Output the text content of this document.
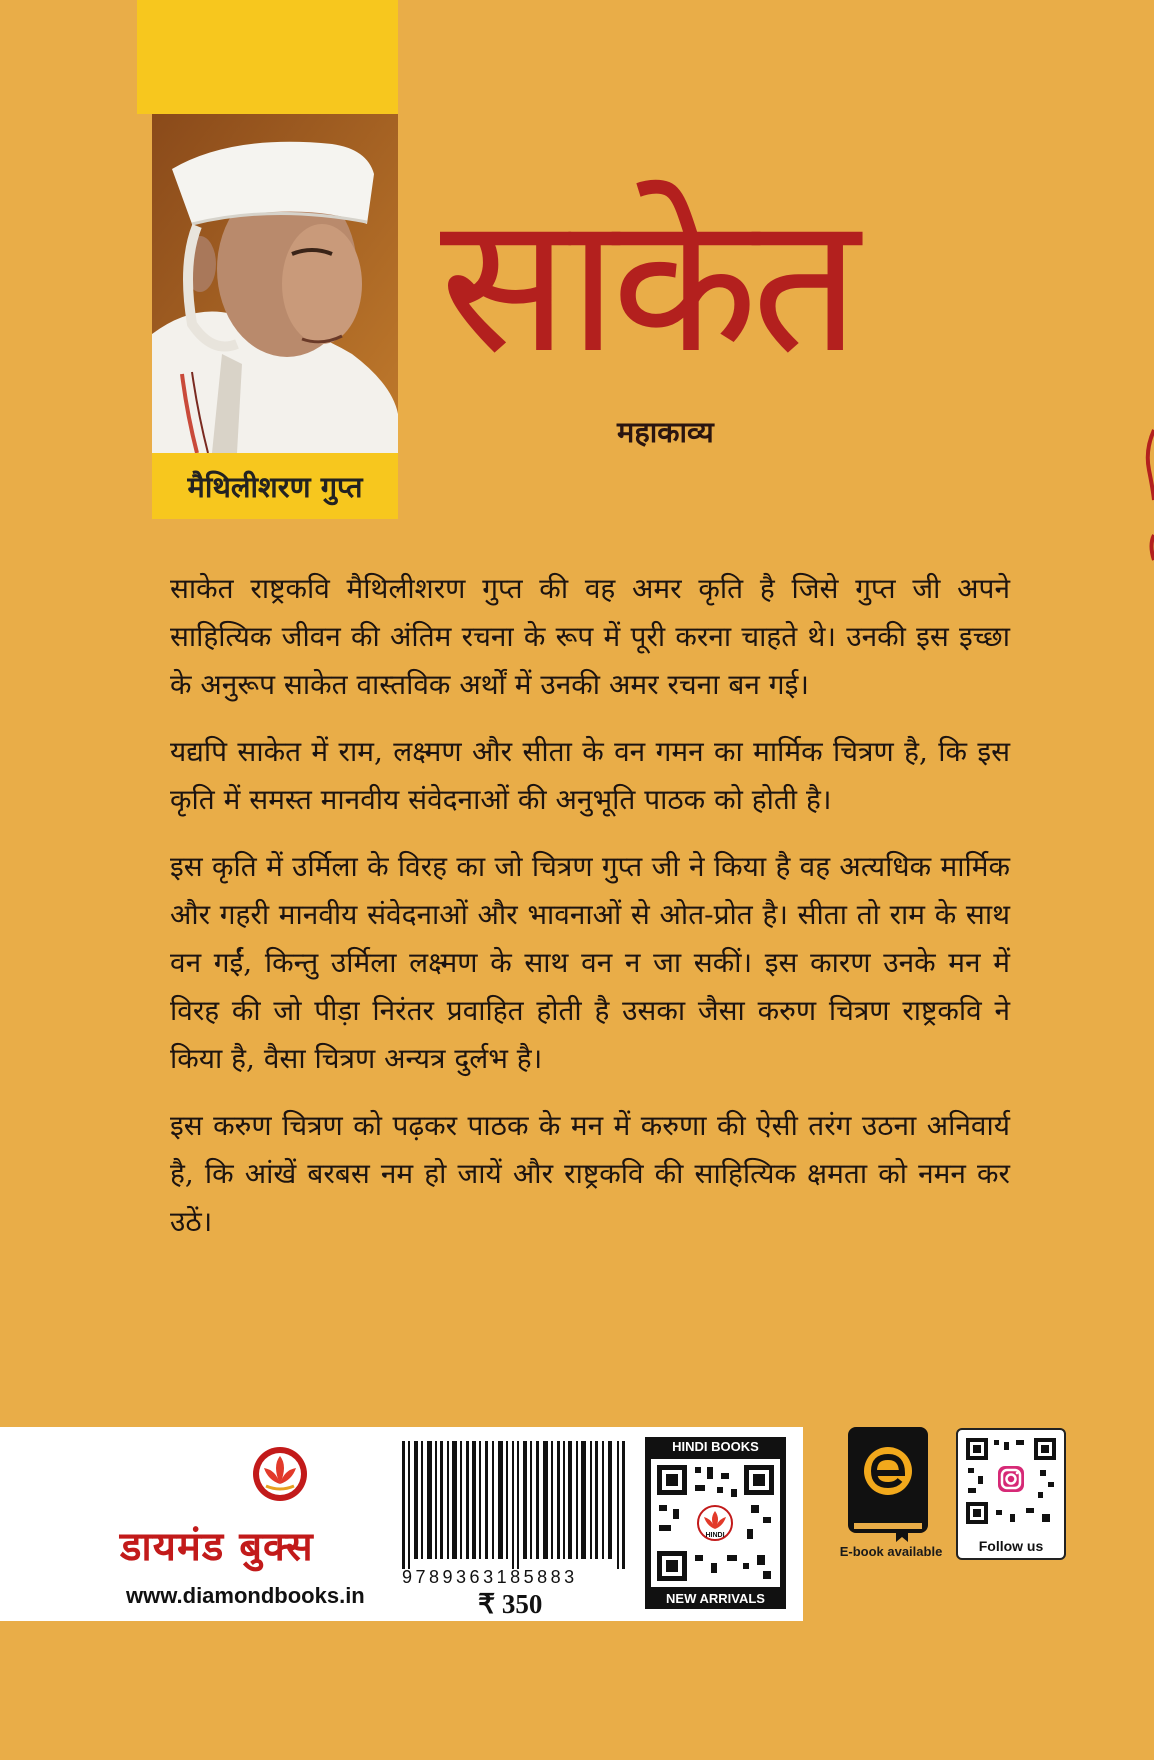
मैथिलीशरण गुप्त
साकेत
महाकाव्य

साकेत राष्ट्रकवि मैथिलीशरण गुप्त की वह अमर कृति है जिसे गुप्त जी अपने साहित्यिक जीवन की अंतिम रचना के रूप में पूरी करना चाहते थे। उनकी इस इच्छा के अनुरूप साकेत वास्तविक अर्थों में उनकी अमर रचना बन गई।

यद्यपि साकेत में राम, लक्ष्मण और सीता के वन गमन का मार्मिक चित्रण है, कि इस कृति में समस्त मानवीय संवेदनाओं की अनुभूति पाठक को होती है।

इस कृति में उर्मिला के विरह का जो चित्रण गुप्त जी ने किया है वह अत्यधिक मार्मिक और गहरी मानवीय संवेदनाओं और भावनाओं से ओत-प्रोत है। सीता तो राम के साथ वन गईं, किन्तु उर्मिला लक्ष्मण के साथ वन न जा सकीं। इस कारण उनके मन में विरह की जो पीड़ा निरंतर प्रवाहित होती है उसका जैसा करुण चित्रण राष्ट्रकवि ने किया है, वैसा चित्रण अन्यत्र दुर्लभ है।

इस करुण चित्रण को पढ़कर पाठक के मन में करुणा की ऐसी तरंग उठना अनिवार्य है, कि आंखें बरबस नम हो जायें और राष्ट्रकवि की साहित्यिक क्षमता को नमन कर उठें।

डायमंड बुक्स
www.diamondbooks.in
9789363185883
₹ 350
HINDI BOOKS
HINDI
NEW ARRIVALS
E-book available	Follow us
